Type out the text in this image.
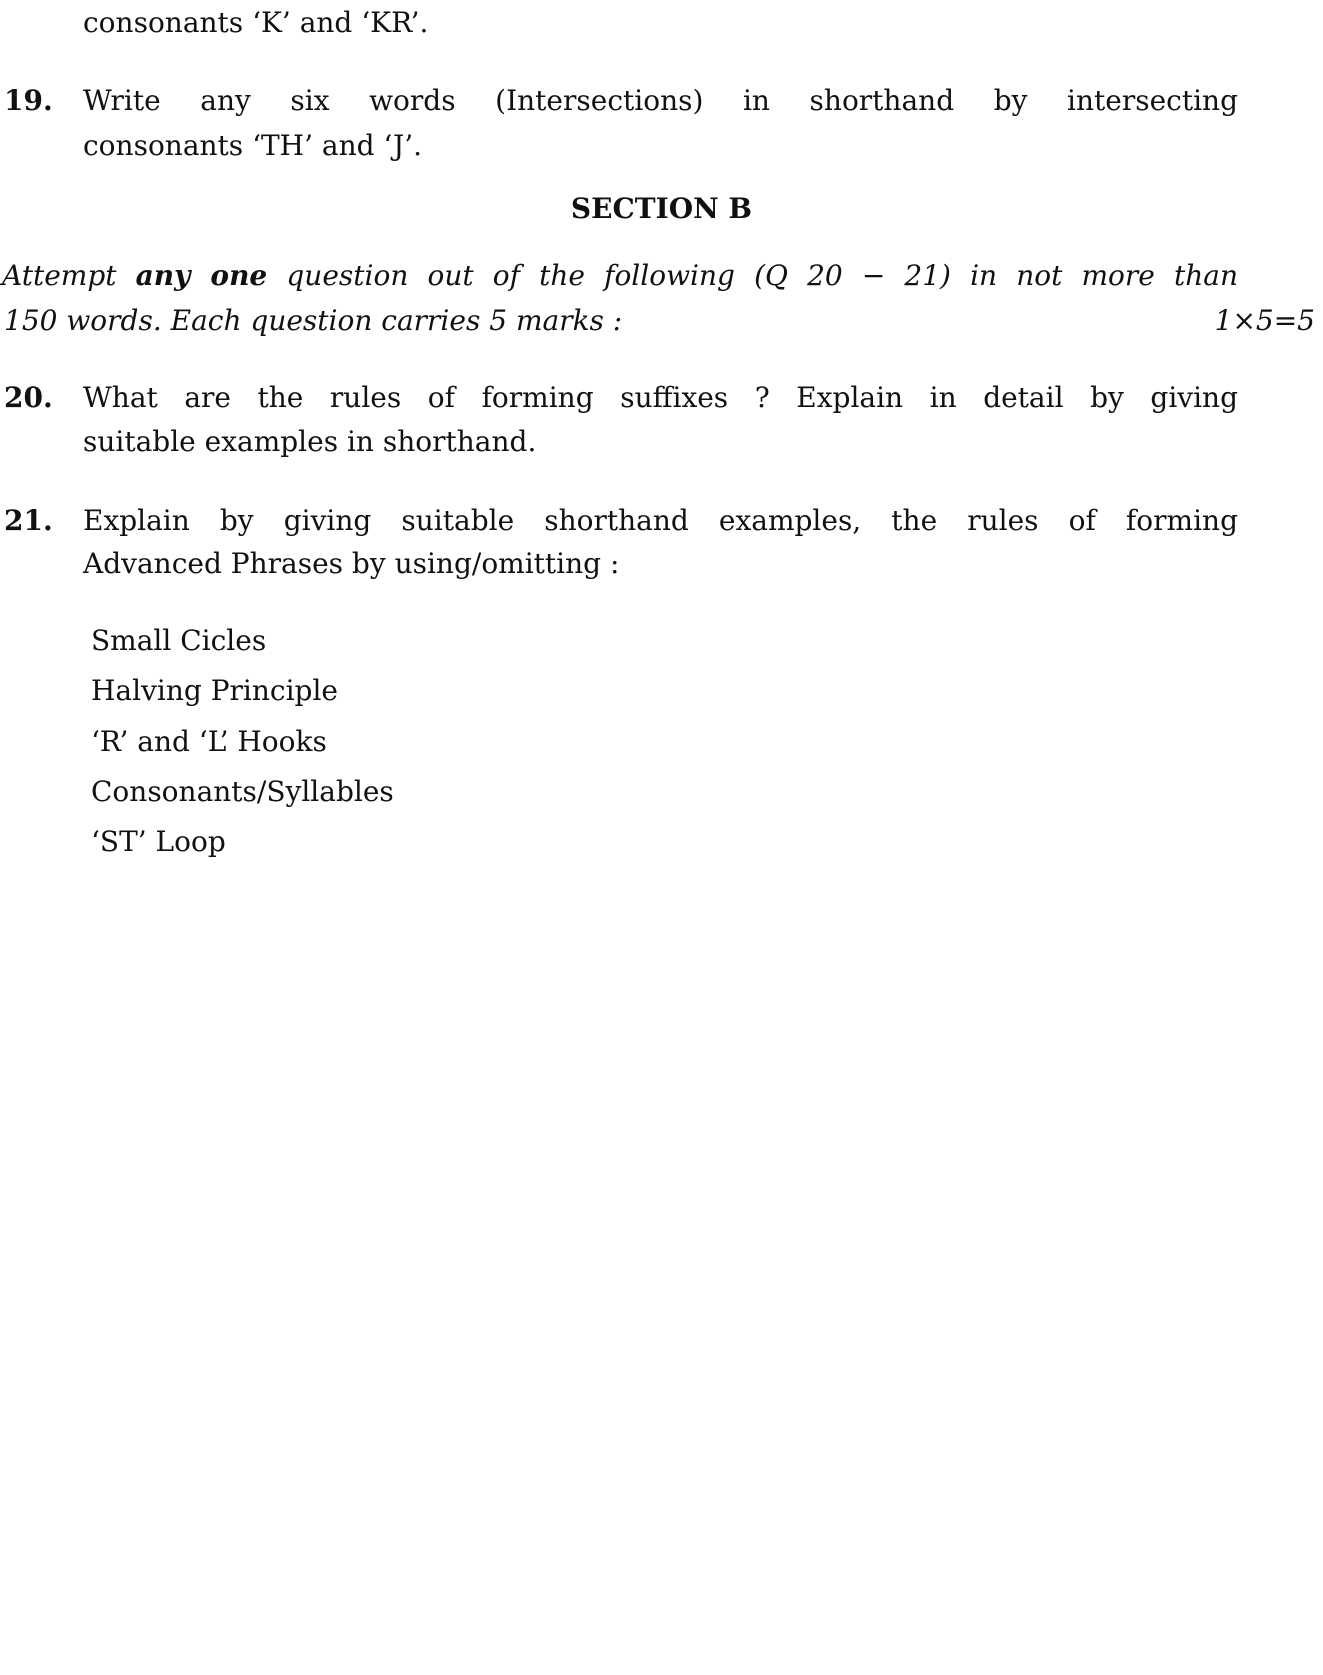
consonants ‘K’ and ‘KR’.
19. Write any six words (Intersections) in shorthand by intersecting
consonants ‘TH’ and ‘J’.
SECTION B
Attempt any one question out of the following (Q 20 − 21) in not more than
150 words. Each question carries 5 marks :	1×5=5
20. What are the rules of forming suffixes ? Explain in detail by giving
suitable examples in shorthand.
21. Explain by giving suitable shorthand examples, the rules of forming
Advanced Phrases by using/omitting :
Small Cicles
Halving Principle
‘R’ and ‘L’ Hooks
Consonants/Syllables
‘ST’ Loop
